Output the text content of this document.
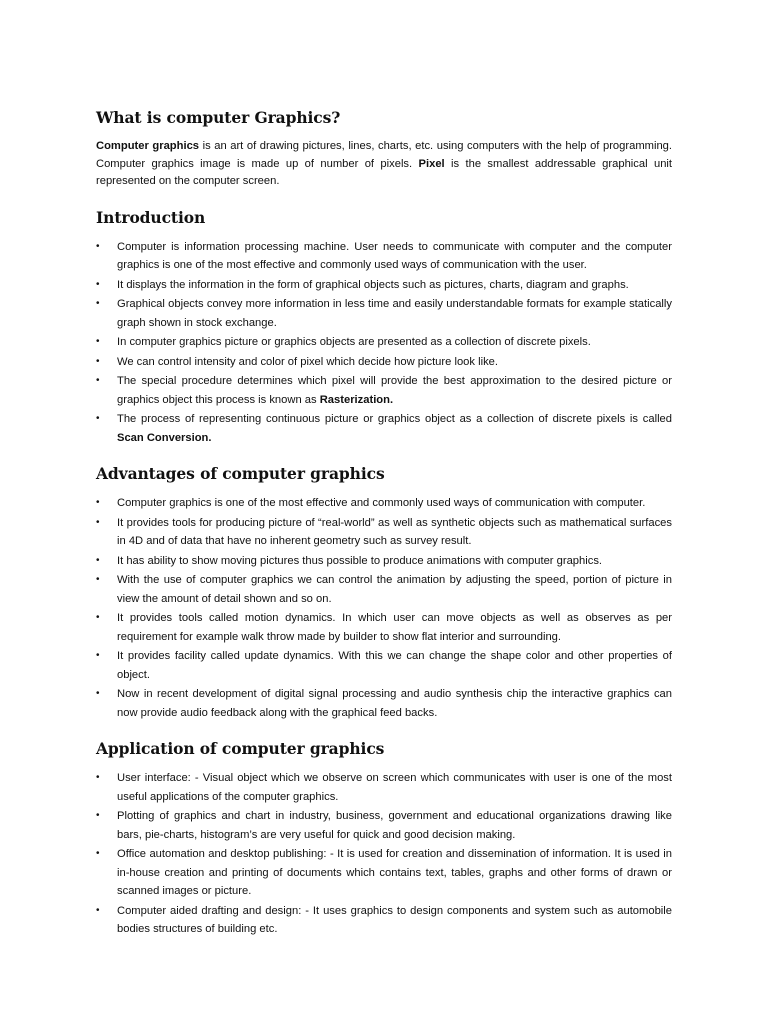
What is computer Graphics?

Computer graphics is an art of drawing pictures, lines, charts, etc. using computers with the help of programming. Computer graphics image is made up of number of pixels. Pixel is the smallest addressable graphical unit represented on the computer screen.

Introduction
•	Computer is information processing machine. User needs to communicate with computer and the computer graphics is one of the most effective and commonly used ways of communication with the user.
•	It displays the information in the form of graphical objects such as pictures, charts, diagram and graphs.
•	Graphical objects convey more information in less time and easily understandable formats for example statically graph shown in stock exchange.
•	In computer graphics picture or graphics objects are presented as a collection of discrete pixels.
•	We can control intensity and color of pixel which decide how picture look like.
•	The special procedure determines which pixel will provide the best approximation to the desired picture or graphics object this process is known as Rasterization.
•	The process of representing continuous picture or graphics object as a collection of discrete pixels is called Scan Conversion.
Advantages of computer graphics
•	Computer graphics is one of the most effective and commonly used ways of communication with computer.
•	It provides tools for producing picture of “real-world” as well as synthetic objects such as mathematical surfaces in 4D and of data that have no inherent geometry such as survey result.
•	It has ability to show moving pictures thus possible to produce animations with computer graphics.
•	With the use of computer graphics we can control the animation by adjusting the speed, portion of picture in view the amount of detail shown and so on.
•	It provides tools called motion dynamics. In which user can move objects as well as observes as per requirement for example walk throw made by builder to show flat interior and surrounding.
•	It provides facility called update dynamics. With this we can change the shape color and other properties of object.
•	Now in recent development of digital signal processing and audio synthesis chip the interactive graphics can now provide audio feedback along with the graphical feed backs.
Application of computer graphics
•	User interface: - Visual object which we observe on screen which communicates with user is one of the most useful applications of the computer graphics.
•	Plotting of graphics and chart in industry, business, government and educational organizations drawing like bars, pie-charts, histogram’s are very useful for quick and good decision making.
•	Office automation and desktop publishing: - It is used for creation and dissemination of information. It is used in in-house creation and printing of documents which contains text, tables, graphs and other forms of drawn or scanned images or picture.
•	Computer aided drafting and design: - It uses graphics to design components and system such as automobile bodies structures of building etc.
